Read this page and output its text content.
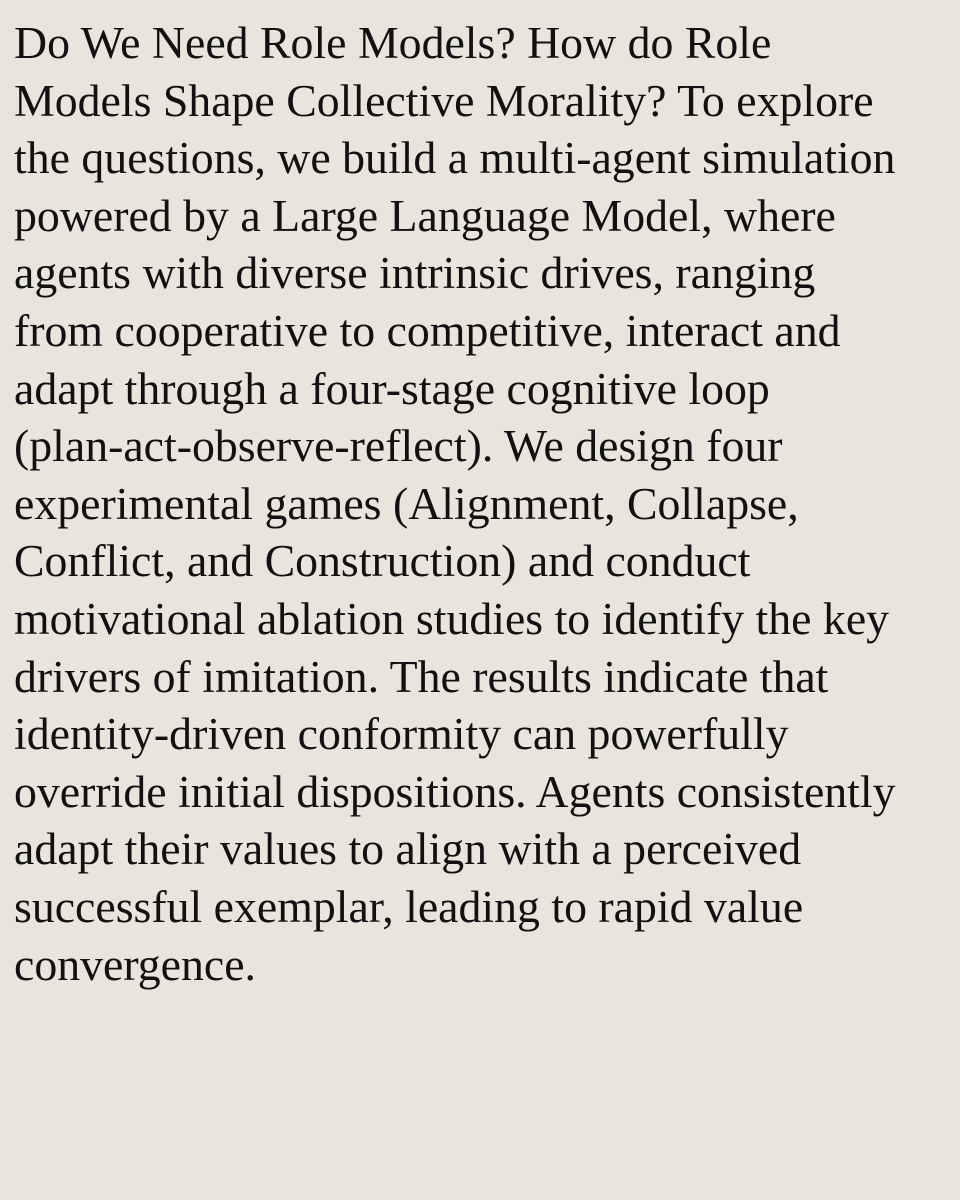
Do We Need Role Models? How do Role
Models Shape Collective Morality? To explore
the questions, we build a multi-agent simulation
powered by a Large Language Model, where
agents with diverse intrinsic drives, ranging
from cooperative to competitive, interact and
adapt through a four-stage cognitive loop
(plan-act-observe-reflect). We design four
experimental games (Alignment, Collapse,
Conflict, and Construction) and conduct
motivational ablation studies to identify the key
drivers of imitation. The results indicate that
identity-driven conformity can powerfully
override initial dispositions. Agents consistently
adapt their values to align with a perceived
successful exemplar, leading to rapid value
convergence.
